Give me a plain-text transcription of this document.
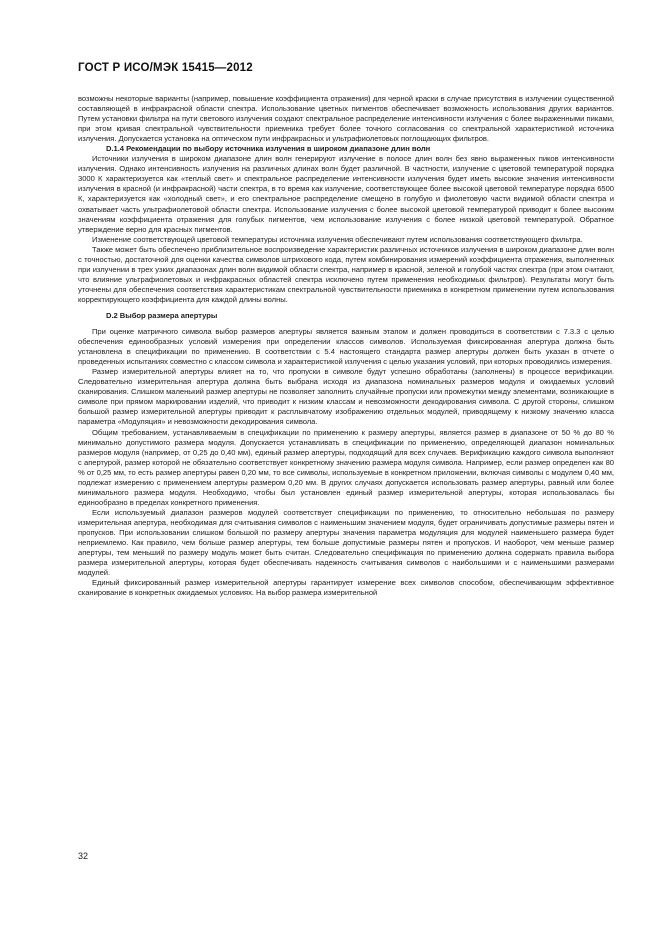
ГОСТ Р ИСО/МЭК 15415—2012

возможны некоторые варианты (например, повышение коэффициента отражения) для черной краски в случае присутствия в излучении существенной составляющей в инфракрасной области спектра. Использование цветных пигментов обеспечивает возможность использования других вариантов. Путем установки фильтра на пути светового излучения создают спектральное распределение интенсивности излучения с более выраженными пиками, при этом кривая спектральной чувствительности приемника требует более точного согласования со спектральной характеристикой источника излучения. Допускается установка на оптическом пути инфракрасных и ультрафиолетовых поглощающих фильтров.

D.1.4 Рекомендации по выбору источника излучения в широком диапазоне длин волн

Источники излучения в широком диапазоне длин волн генерируют излучение в полосе длин волн без явно выраженных пиков интенсивности излучения. Однако интенсивность излучения на различных длинах волн будет различной. В частности, излучение с цветовой температурой порядка 3000 К характеризуется как «теплый свет» и спектральное распределение интенсивности излучения будет иметь высокие значения интенсивности излучения в красной (и инфракрасной) части спектра, в то время как излучение, соответствующее более высокой цветовой температуре порядка 6500 К, характеризуется как «холодный свет», и его спектральное распределение смещено в голубую и фиолетовую части видимой области спектра и охватывает часть ультрафиолетовой области спектра. Использование излучения с более высокой цветовой температурой приводит к более высоким значениям коэффициента отражения для голубых пигментов, чем использование излучения с более низкой цветовой температурой. Обратное утверждение верно для красных пигментов.

Изменение соответствующей цветовой температуры источника излучения обеспечивают путем использования соответствующего фильтра.

Также может быть обеспечено приблизительное воспроизведение характеристик различных источников излучения в широком диапазоне длин волн с точностью, достаточной для оценки качества символов штрихового кода, путем комбинирования измерений коэффициента отражения, выполненных при излучении в трех узких диапазонах длин волн видимой области спектра, например в красной, зеленой и голубой частях спектра (при этом считают, что влияние ультрафиолетовых и инфракрасных областей спектра исключено путем применения необходимых фильтров). Результаты могут быть уточнены для обеспечения соответствия характеристикам спектральной чувствительности приемника в конкретном применении путем использования корректирующего коэффициента для каждой длины волны.

D.2 Выбор размера апертуры

При оценке матричного символа выбор размеров апертуры является важным этапом и должен проводиться в соответствии с 7.3.3 с целью обеспечения единообразных условий измерения при определении классов символов. Используемая фиксированная апертура должна быть установлена в спецификации по применению. В соответствии с 5.4 настоящего стандарта размер апертуры должен быть указан в отчете о проведенных испытаниях совместно с классом символа и характеристикой излучения с целью указания условий, при которых проводились измерения.

Размер измерительной апертуры влияет на то, что пропуски в символе будут успешно обработаны (заполнены) в процессе верификации. Следовательно измерительная апертура должна быть выбрана исходя из диапазона номинальных размеров модуля и ожидаемых условий сканирования. Слишком маленький размер апертуры не позволяет заполнить случайные пропуски или промежутки между элементами, возникающие в символе при прямом маркировании изделий, что приводит к низким классам и невозможности декодирования символа. С другой стороны, слишком большой размер измерительной апертуры приводит к расплывчатому изображению отдельных модулей, приводящему к низкому значению класса параметра «Модуляция» и невозможности декодирования символа.

Общим требованием, устанавливаемым в спецификации по применению к размеру апертуры, является размер в диапазоне от 50 % до 80 % минимально допустимого размера модуля. Допускается устанавливать в спецификации по применению, определяющей диапазон номинальных размеров модуля (например, от 0,25 до 0,40 мм), единый размер апертуры, подходящий для всех случаев. Верификацию каждого символа выполняют с апертурой, размер которой не обязательно соответствует конкретному значению размера модуля символа. Например, если размер определен как 80 % от 0,25 мм, то есть размер апертуры равен 0,20 мм, то все символы, используемые в конкретном приложении, включая символы с модулем 0,40 мм, подлежат измерению с применением апертуры размером 0,20 мм. В других случаях допускается использовать размер апертуры, равный или более минимального размера модуля. Необходимо, чтобы был установлен единый размер измерительной апертуры, которая использовалась бы единообразно в пределах конкретного применения.

Если используемый диапазон размеров модулей соответствует спецификации по применению, то относительно небольшая по размеру измерительная апертура, необходимая для считывания символов с наименьшим значением модуля, будет ограничивать допустимые размеры пятен и пропусков. При использовании слишком большой по размеру апертуры значения параметра модуляция для модулей наименьшего размера будет неприемлемо. Как правило, чем больше размер апертуры, тем больше допустимые размеры пятен и пропусков. И наоборот, чем меньше размер апертуры, тем меньший по размеру модуль может быть считан. Следовательно спецификация по применению должна содержать правила выбора размера измерительной апертуры, которая будет обеспечивать надежность считывания символов с наибольшими и с наименьшими размерами модулей.

Единый фиксированный размер измерительной апертуры гарантирует измерение всех символов способом, обеспечивающим эффективное сканирование в конкретных ожидаемых условиях. На выбор размера измерительной

32
